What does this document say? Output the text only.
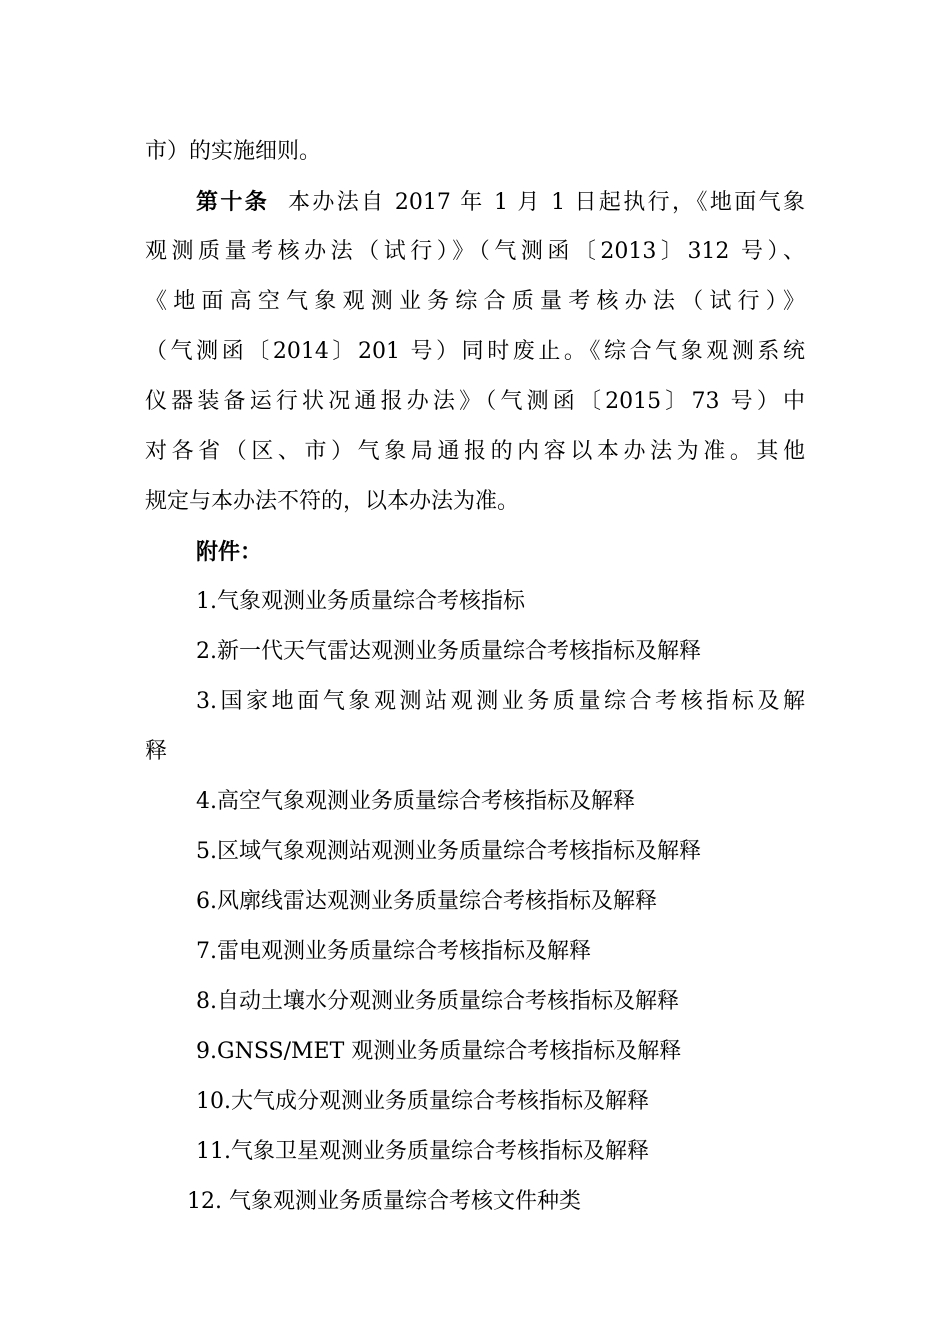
市）的实施细则。
第十条 本办法自 2017 年 1 月 1 日起执行，《地面气象
观测质量考核办法（试行）》（气测函〔2013〕312 号）、
《地面高空气象观测业务综合质量考核办法（试行）》
（气测函〔2014〕201 号）同时废止。《综合气象观测系统
仪器装备运行状况通报办法》（气测函〔2015〕73 号）中
对各省（区、市）气象局通报的内容以本办法为准。其他
规定与本办法不符的，以本办法为准。
附件：
1.气象观测业务质量综合考核指标
2.新一代天气雷达观测业务质量综合考核指标及解释
3.国家地面气象观测站观测业务质量综合考核指标及解
释
4.高空气象观测业务质量综合考核指标及解释
5.区域气象观测站观测业务质量综合考核指标及解释
6.风廓线雷达观测业务质量综合考核指标及解释
7.雷电观测业务质量综合考核指标及解释
8.自动土壤水分观测业务质量综合考核指标及解释
9.GNSS/MET 观测业务质量综合考核指标及解释
10.大气成分观测业务质量综合考核指标及解释
11.气象卫星观测业务质量综合考核指标及解释
12. 气象观测业务质量综合考核文件种类
